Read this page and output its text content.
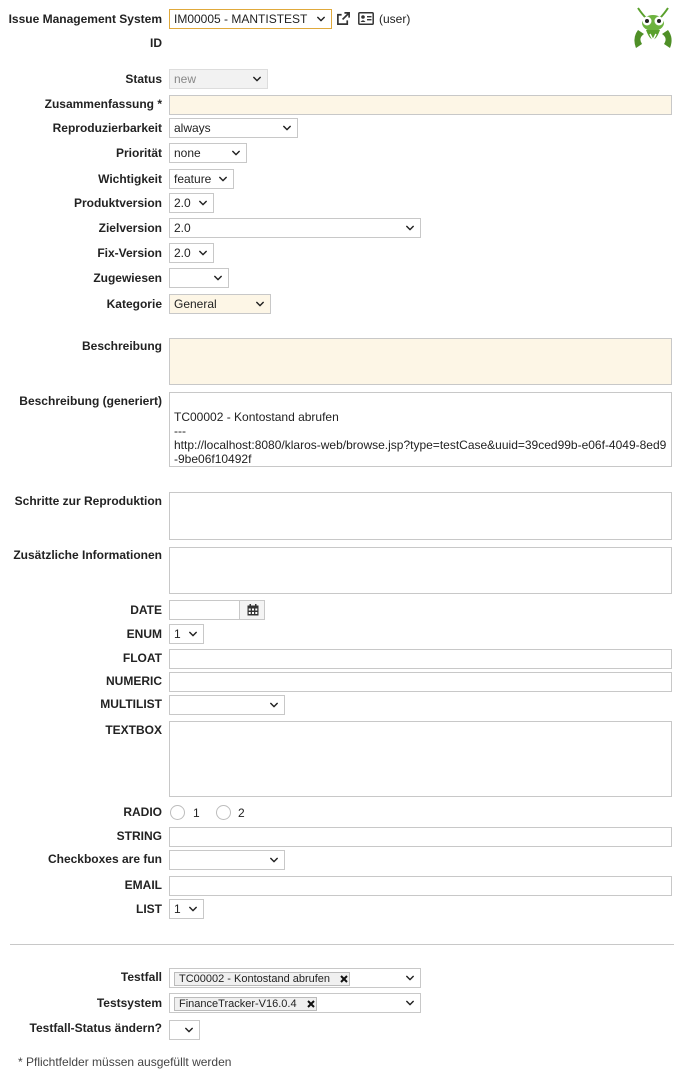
Issue Management System	IM00005 - MANTISTEST	(user)
ID
Status	new
Zusammenfassung *
Reproduzierbarkeit	always
Priorität	none
Wichtigkeit	feature
Produktversion	2.0
Zielversion	2.0
Fix-Version	2.0
Zugewiesen
Kategorie	General
Beschreibung
Beschreibung (generiert)
TC00002 - Kontostand abrufen
---
http://localhost:8080/klaros-web/browse.jsp?type=testCase&uuid=39ced99b-e06f-4049-8ed9-9be06f10492f
Schritte zur Reproduktion
Zusätzliche Informationen
DATE
ENUM	1
FLOAT
NUMERIC
MULTILIST
TEXTBOX
RADIO	1	2
STRING
Checkboxes are fun
EMAIL
LIST	1
Testfall	TC00002 - Kontostand abrufen
Testsystem	FinanceTracker-V16.0.4
Testfall-Status ändern?
* Pflichtfelder müssen ausgefüllt werden
